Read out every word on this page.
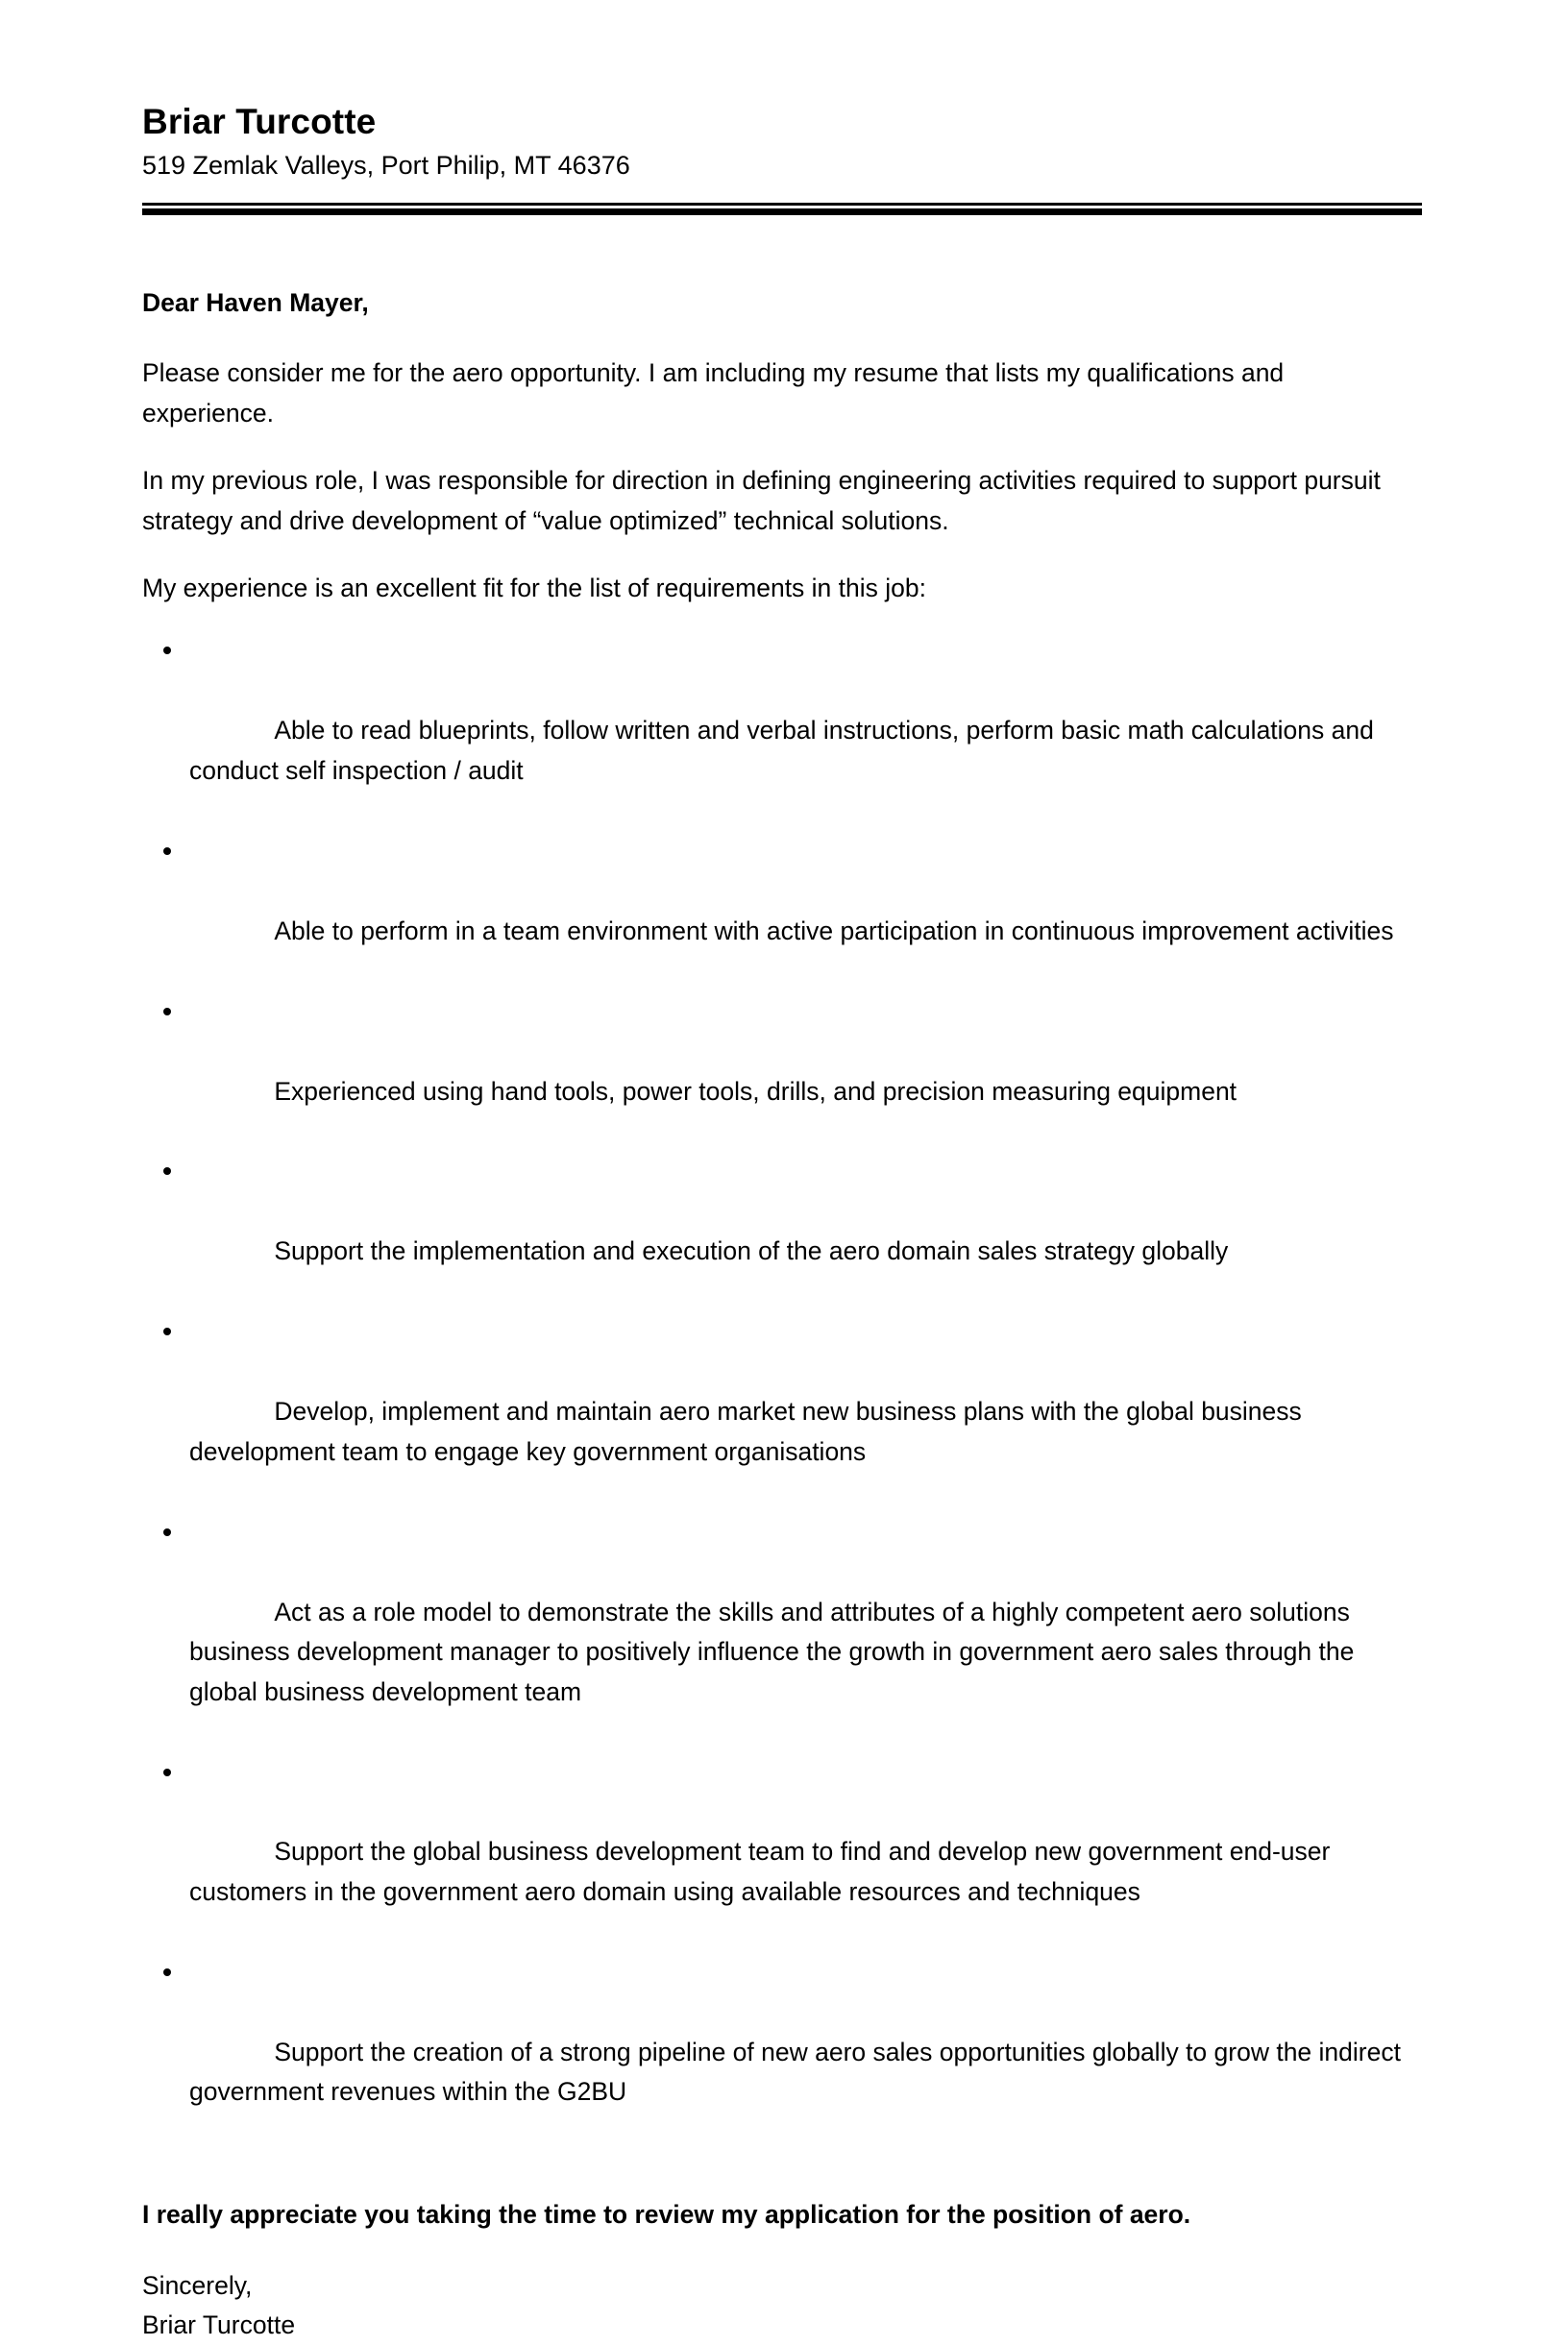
Briar Turcotte
519 Zemlak Valleys, Port Philip, MT 46376

Dear Haven Mayer,

Please consider me for the aero opportunity. I am including my resume that lists my qualifications and experience.

In my previous role, I was responsible for direction in defining engineering activities required to support pursuit strategy and drive development of “value optimized” technical solutions.

My experience is an excellent fit for the list of requirements in this job:

Able to read blueprints, follow written and verbal instructions, perform basic math calculations and conduct self inspection / audit

Able to perform in a team environment with active participation in continuous improvement activities

Experienced using hand tools, power tools, drills, and precision measuring equipment

Support the implementation and execution of the aero domain sales strategy globally

Develop, implement and maintain aero market new business plans with the global business development team to engage key government organisations

Act as a role model to demonstrate the skills and attributes of a highly competent aero solutions business development manager to positively influence the growth in government aero sales through the global business development team

Support the global business development team to find and develop new government end-user customers in the government aero domain using available resources and techniques

Support the creation of a strong pipeline of new aero sales opportunities globally to grow the indirect government revenues within the G2BU

I really appreciate you taking the time to review my application for the position of aero.

Sincerely,

Briar Turcotte
